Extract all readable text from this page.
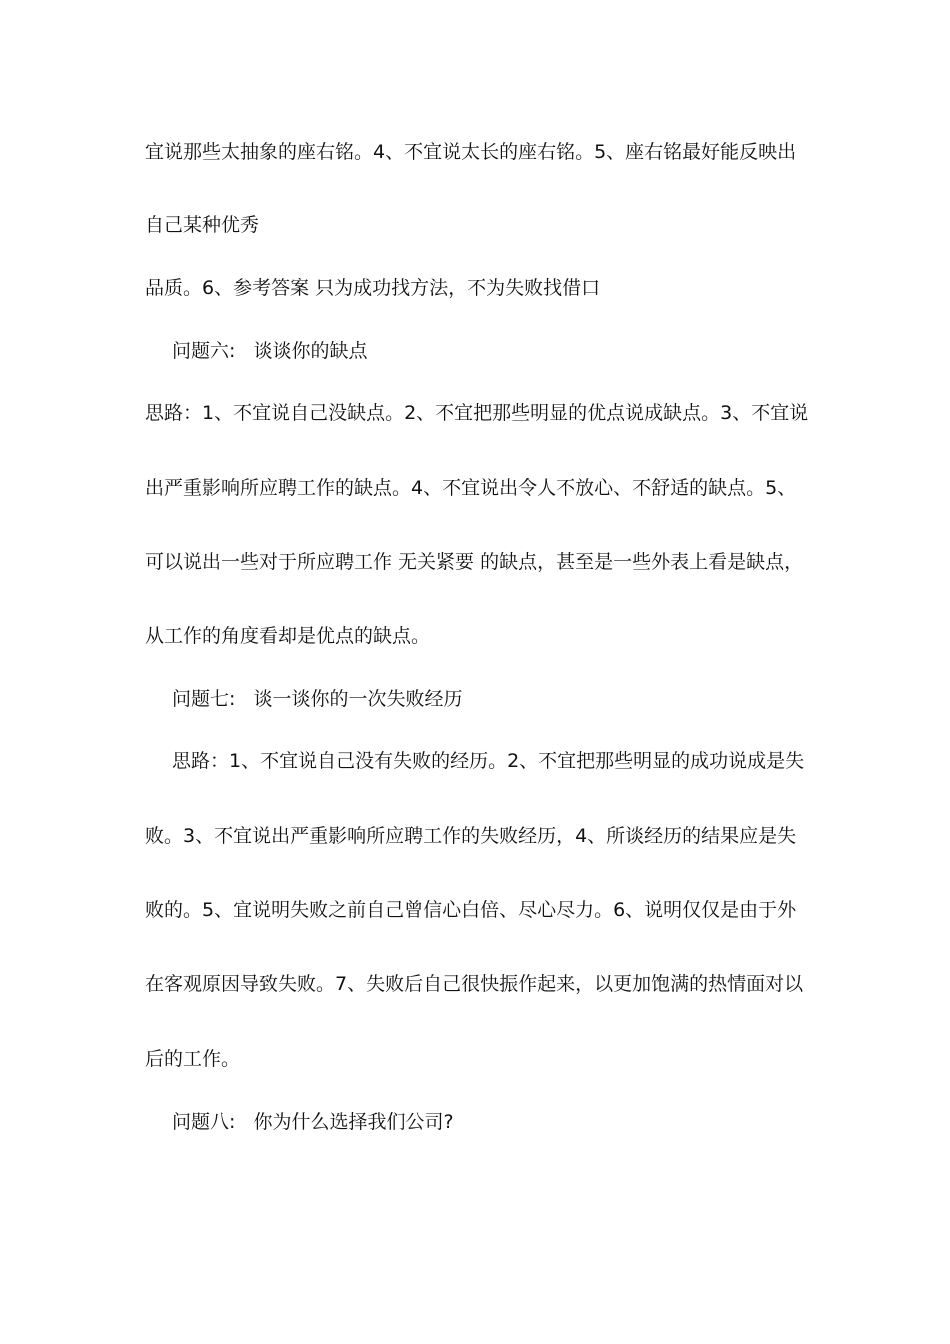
宜说那些太抽象的座右铭。4、不宜说太长的座右铭。5、座右铭最好能反映出
自己某种优秀
品质。6、参考答案 只为成功找方法，不为失败找借口
问题六:   谈谈你的缺点
思路：1、不宜说自己没缺点。2、不宜把那些明显的优点说成缺点。3、不宜说
出严重影响所应聘工作的缺点。4、不宜说出令人不放心、不舒适的缺点。5、
可以说出一些对于所应聘工作 无关紧要 的缺点，甚至是一些外表上看是缺点，
从工作的角度看却是优点的缺点。
问题七:   谈一谈你的一次失败经历
思路：1、不宜说自己没有失败的经历。2、不宜把那些明显的成功说成是失
败。3、不宜说出严重影响所应聘工作的失败经历，4、所谈经历的结果应是失
败的。5、宜说明失败之前自己曾信心白倍、尽心尽力。6、说明仅仅是由于外
在客观原因导致失败。7、失败后自己很快振作起来，以更加饱满的热情面对以
后的工作。
问题八:   你为什么选择我们公司?
